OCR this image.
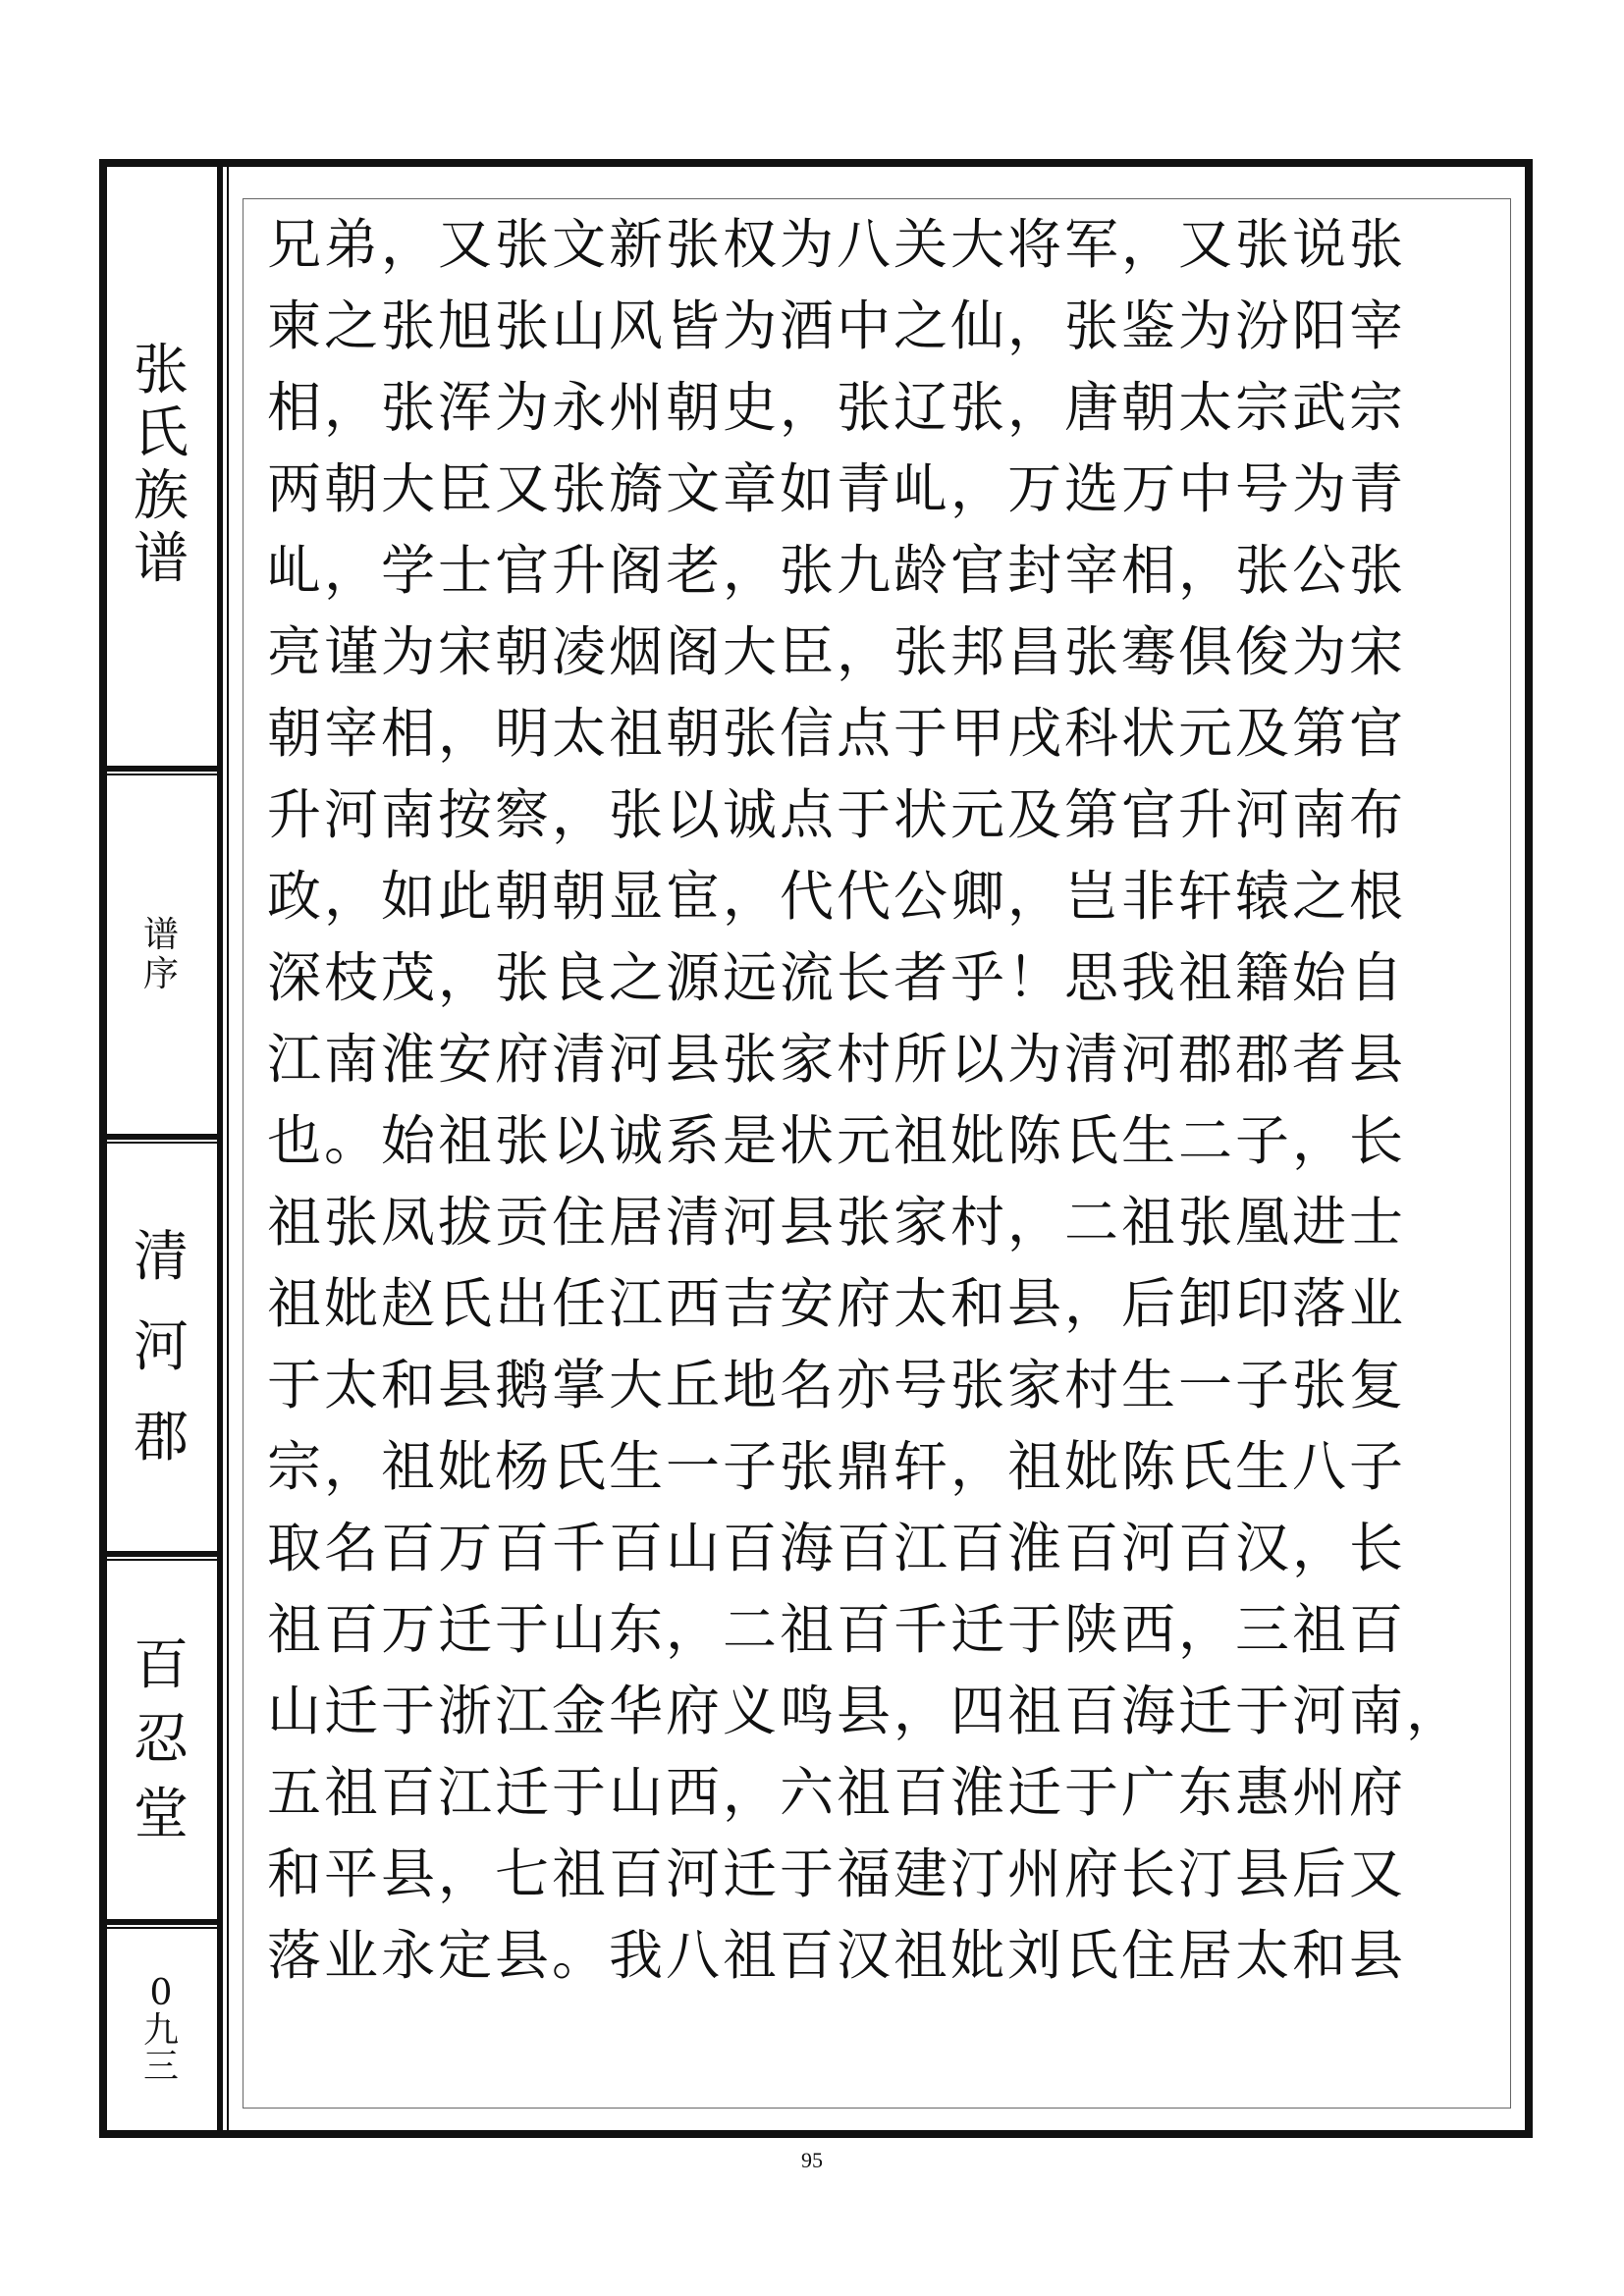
张
氏
族
谱
谱
序
清
河
郡
百
忍
堂
0
九
三
兄弟，又张文新张权为八关大将军，又张说张
柬之张旭张山风皆为酒中之仙，张鉴为汾阳宰
相，张浑为永州朝史，张辽张，唐朝太宗武宗
两朝大臣又张旖文章如青乢，万选万中号为青
乢，学士官升阁老，张九龄官封宰相，张公张
亮谨为宋朝凌烟阁大臣，张邦昌张骞俱俊为宋
朝宰相，明太祖朝张信点于甲戌科状元及第官
升河南按察，张以诚点于状元及第官升河南布
政，如此朝朝显宦，代代公卿，岂非轩辕之根
深枝茂，张良之源远流长者乎！思我祖籍始自
江南淮安府清河县张家村所以为清河郡郡者县
也。始祖张以诚系是状元祖妣陈氏生二子，长
祖张凤拔贡住居清河县张家村，二祖张凰进士
祖妣赵氏出任江西吉安府太和县，后卸印落业
于太和县鹅掌大丘地名亦号张家村生一子张复
宗，祖妣杨氏生一子张鼎轩，祖妣陈氏生八子
取名百万百千百山百海百江百淮百河百汉，长
祖百万迁于山东，二祖百千迁于陕西，三祖百
山迁于浙江金华府义鸣县，四祖百海迁于河南，
五祖百江迁于山西，六祖百淮迁于广东惠州府
和平县，七祖百河迁于福建汀州府长汀县后又
落业永定县。我八祖百汉祖妣刘氏住居太和县
95
